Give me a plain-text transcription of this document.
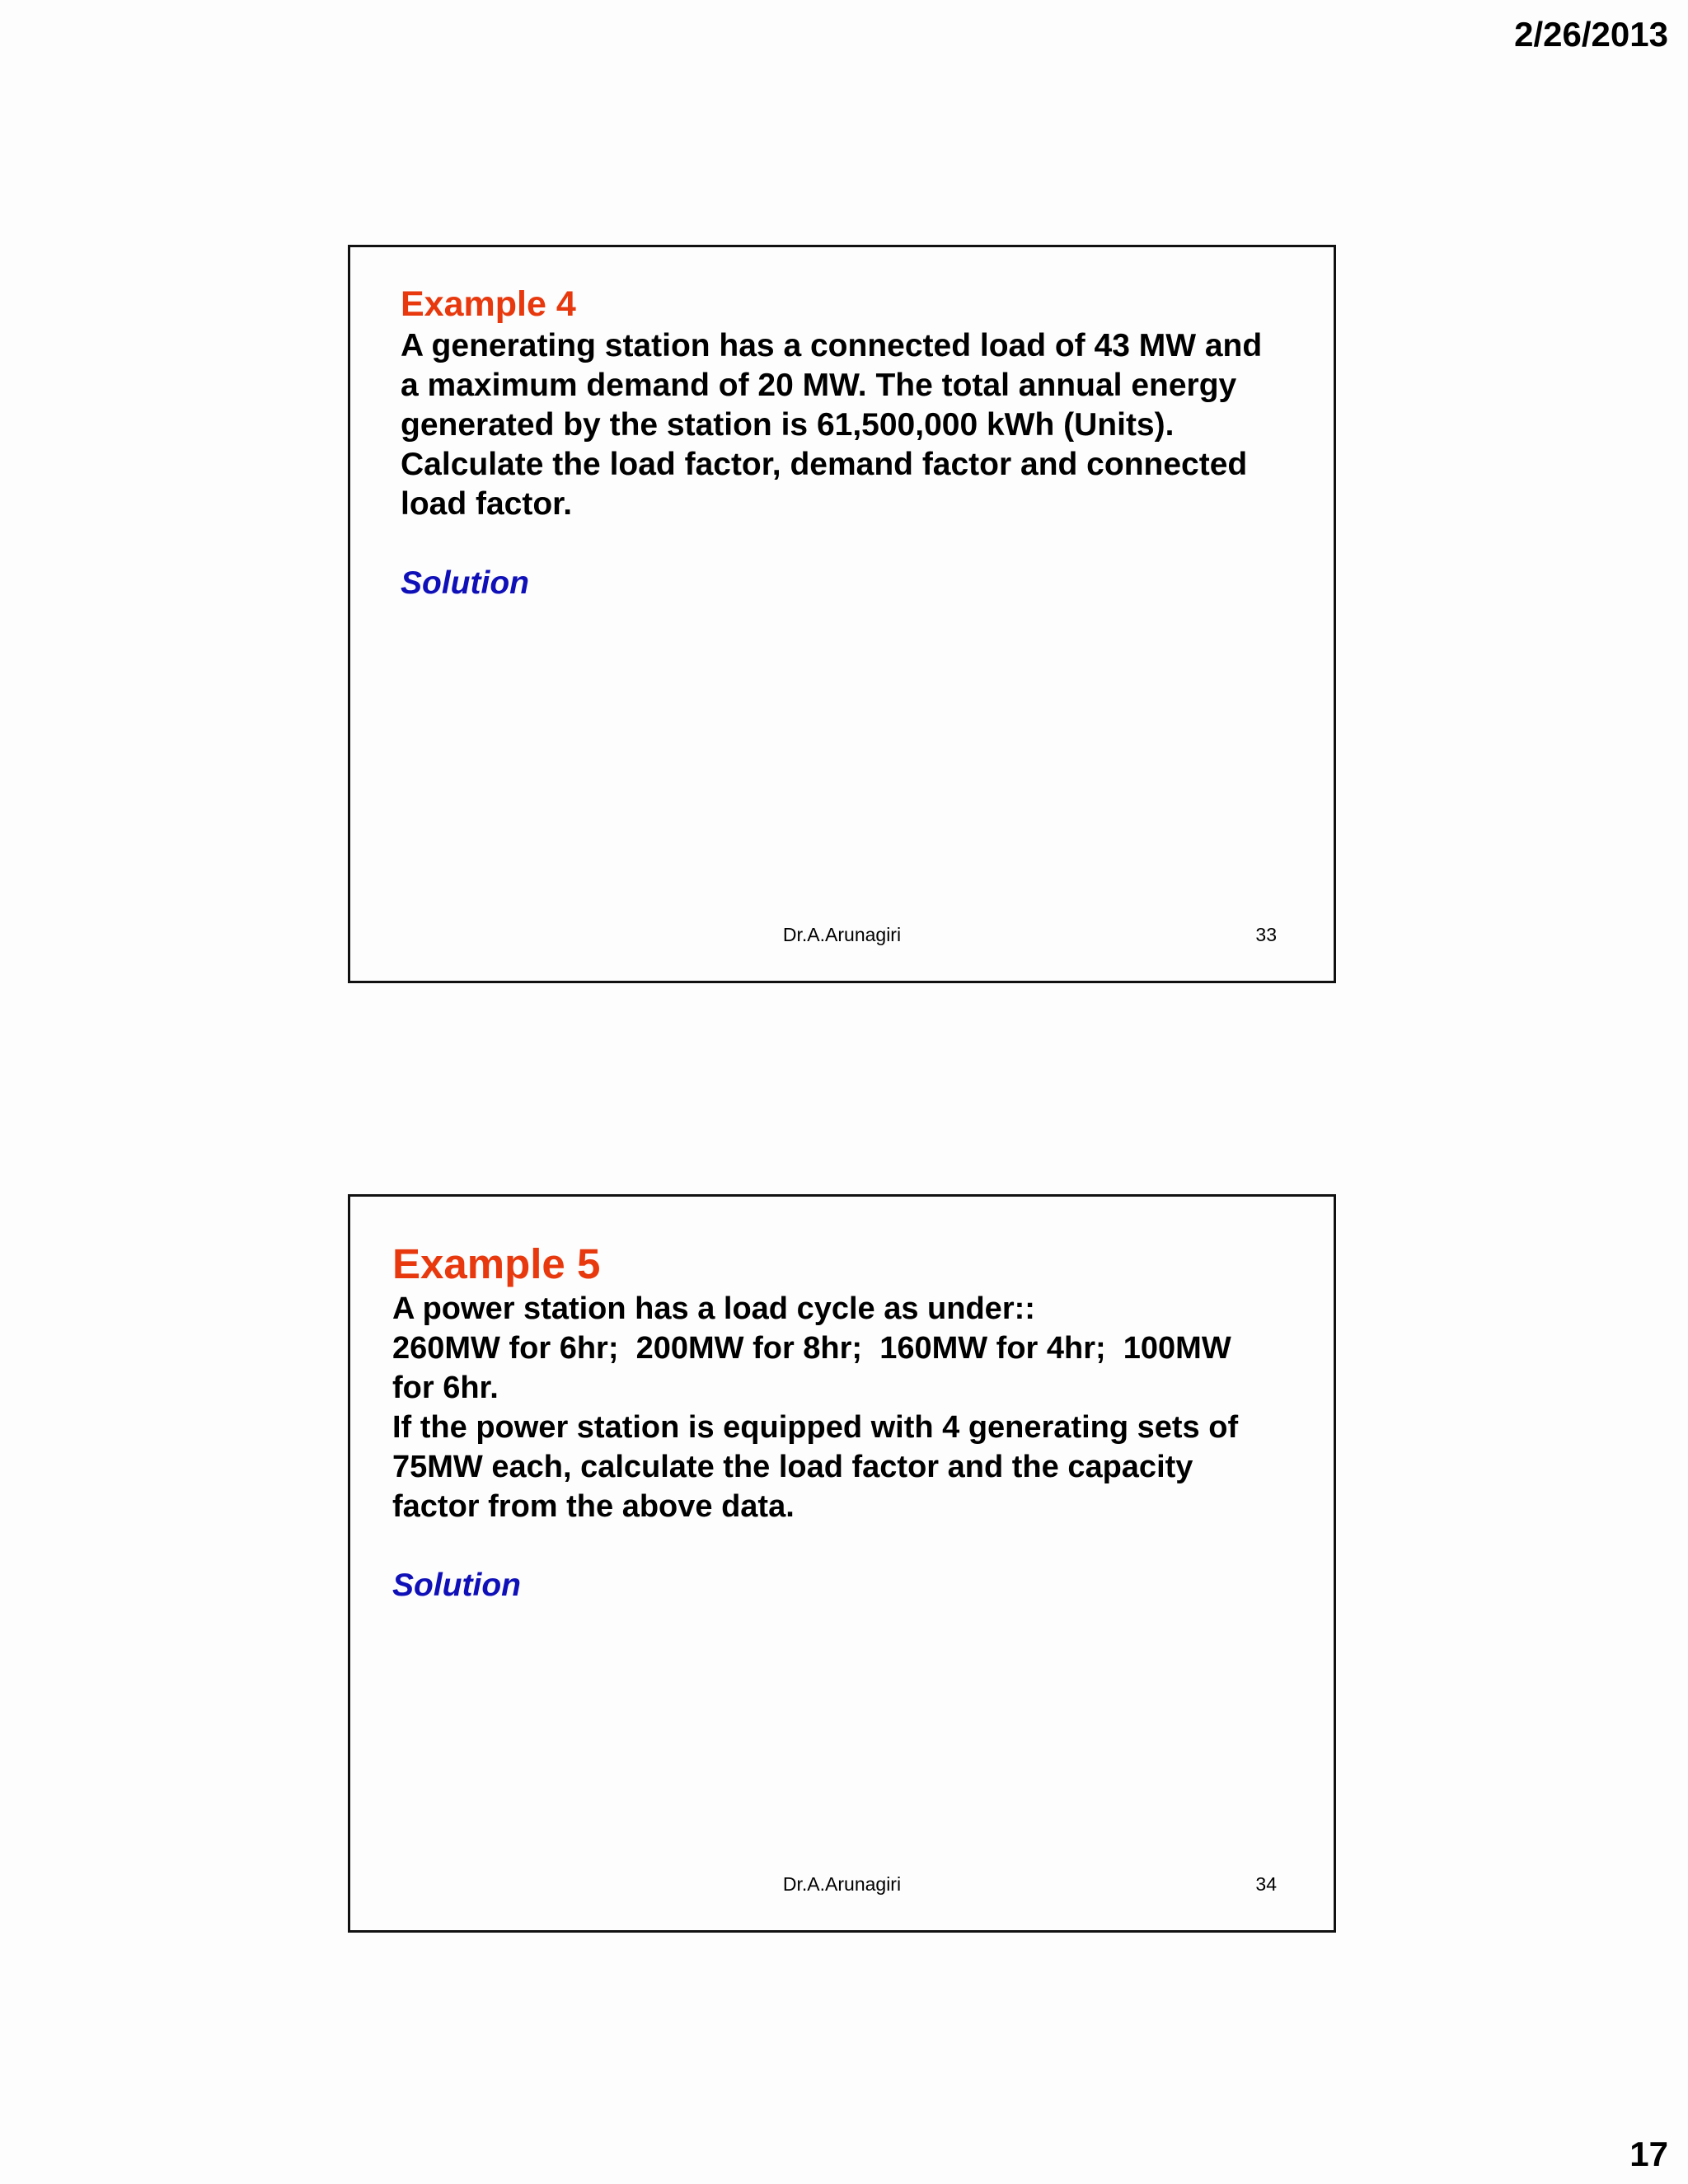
2/26/2013
Example 4
A generating station has a connected load of 43 MW and
a maximum demand of 20 MW. The total annual energy
generated by the station is 61,500,000 kWh (Units).
Calculate the load factor, demand factor and connected
load factor.
Solution
Dr.A.Arunagiri	33
Example 5
A power station has a load cycle as under::
260MW for 6hr;  200MW for 8hr;  160MW for 4hr;  100MW
for 6hr.
If the power station is equipped with 4 generating sets of
75MW each, calculate the load factor and the capacity
factor from the above data.
Solution
Dr.A.Arunagiri	34
17
